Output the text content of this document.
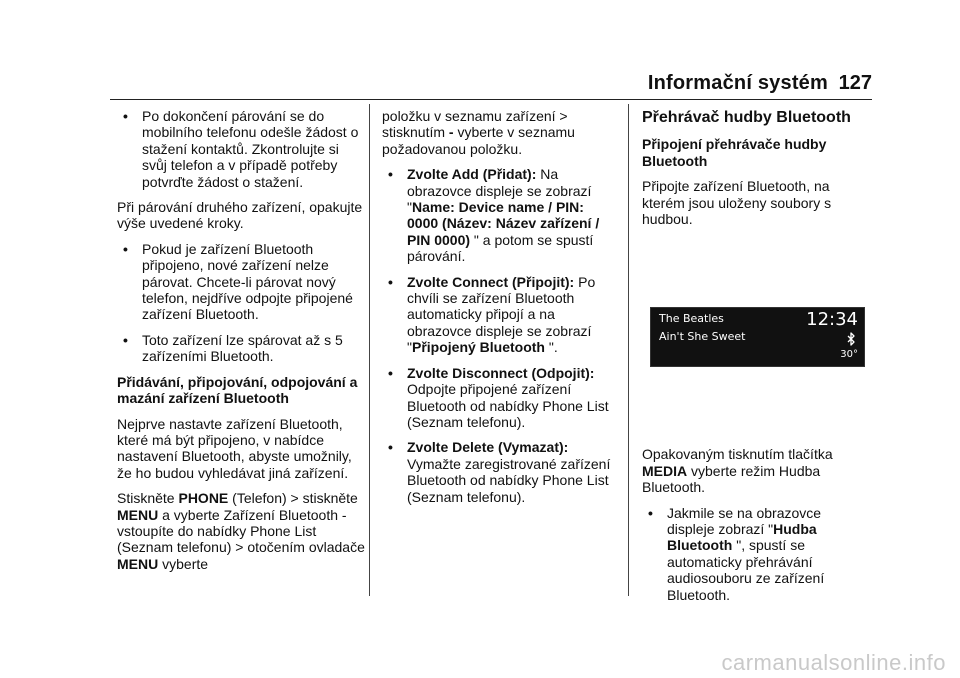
Informační systém 127
• Po dokončení párování se do mobilního telefonu odešle žádost o stažení kontaktů. Zkontrolujte si svůj telefon a v případě potřeby potvrďte žádost o stažení.

Při párování druhého zařízení, opakujte výše uvedené kroky.

• Pokud je zařízení Bluetooth připojeno, nové zařízení nelze párovat. Chcete-li párovat nový telefon, nejdříve odpojte připojené zařízení Bluetooth.
• Toto zařízení lze spárovat až s 5 zařízeními Bluetooth.
Přidávání, připojování, odpojování a mazání zařízení Bluetooth

Nejprve nastavte zařízení Bluetooth, které má být připojeno, v nabídce nastavení Bluetooth, abyste umožnily, že ho budou vyhledávat jiná zařízení.

Stiskněte PHONE (Telefon) > stiskněte MENU a vyberte Zařízení Bluetooth - vstoupíte do nabídky Phone List (Seznam telefonu) > otočením ovladače MENU vyberte

položku v seznamu zařízení > stisknutím - vyberte v seznamu požadovanou položku.

• Zvolte Add (Přidat): Na obrazovce displeje se zobrazí "Name: Device name / PIN: 0000 (Název: Název zařízení / PIN 0000) " a potom se spustí párování.
• Zvolte Connect (Připojit): Po chvíli se zařízení Bluetooth automaticky připojí a na obrazovce displeje se zobrazí "Připojený Bluetooth ".
• Zvolte Disconnect (Odpojit): Odpojte připojené zařízení Bluetooth od nabídky Phone List (Seznam telefonu).
• Zvolte Delete (Vymazat): Vymažte zaregistrované zařízení Bluetooth od nabídky Phone List (Seznam telefonu).
Přehrávač hudby Bluetooth
Připojení přehrávače hudby Bluetooth

Připojte zařízení Bluetooth, na kterém jsou uloženy soubory s hudbou.

Opakovaným tisknutím tlačítka MEDIA vyberte režim Hudba Bluetooth.

• Jakmile se na obrazovce displeje zobrazí "Hudba Bluetooth ", spustí se automaticky přehrávání audiosouboru ze zařízení Bluetooth.
The Beatles
Ain't She Sweet
12:34
30°
carmanualsonline.info
